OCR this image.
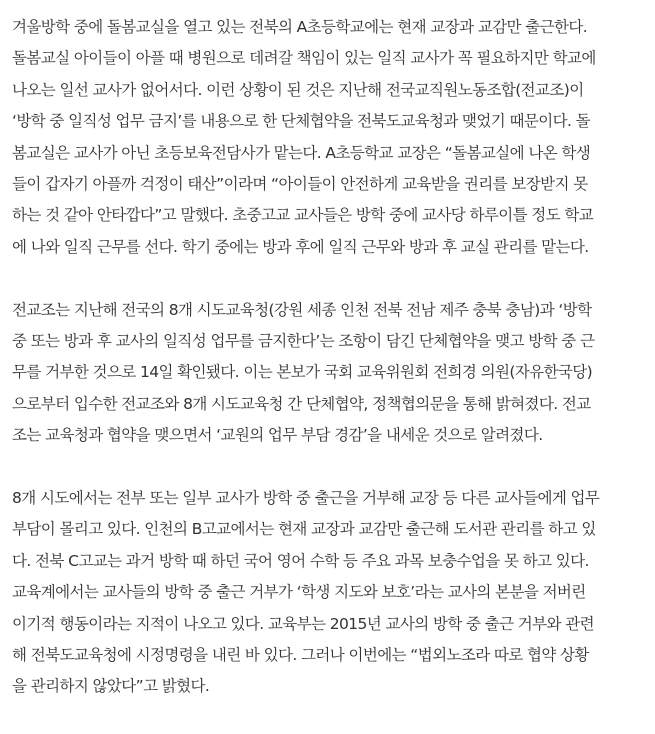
겨울방학 중에 돌봄교실을 열고 있는 전북의 A초등학교에는 현재 교장과 교감만 출근한다.
돌봄교실 아이들이 아플 때 병원으로 데려갈 책임이 있는 일직 교사가 꼭 필요하지만 학교에
나오는 일선 교사가 없어서다. 이런 상황이 된 것은 지난해 전국교직원노동조합(전교조)이
‘방학 중 일직성 업무 금지’를 내용으로 한 단체협약을 전북도교육청과 맺었기 때문이다. 돌
봄교실은 교사가 아닌 초등보육전담사가 맡는다. A초등학교 교장은 “돌봄교실에 나온 학생
들이 갑자기 아플까 걱정이 태산”이라며 “아이들이 안전하게 교육받을 권리를 보장받지 못
하는 것 같아 안타깝다”고 말했다. 초중고교 교사들은 방학 중에 교사당 하루이틀 정도 학교
에 나와 일직 근무를 선다. 학기 중에는 방과 후에 일직 근무와 방과 후 교실 관리를 맡는다.
전교조는 지난해 전국의 8개 시도교육청(강원 세종 인천 전북 전남 제주 충북 충남)과 ‘방학
중 또는 방과 후 교사의 일직성 업무를 금지한다’는 조항이 담긴 단체협약을 맺고 방학 중 근
무를 거부한 것으로 14일 확인됐다. 이는 본보가 국회 교육위원회 전희경 의원(자유한국당)
으로부터 입수한 전교조와 8개 시도교육청 간 단체협약, 정책협의문을 통해 밝혀졌다. 전교
조는 교육청과 협약을 맺으면서 ‘교원의 업무 부담 경감’을 내세운 것으로 알려졌다.
8개 시도에서는 전부 또는 일부 교사가 방학 중 출근을 거부해 교장 등 다른 교사들에게 업무
부담이 몰리고 있다. 인천의 B고교에서는 현재 교장과 교감만 출근해 도서관 관리를 하고 있
다. 전북 C고교는 과거 방학 때 하던 국어 영어 수학 등 주요 과목 보충수업을 못 하고 있다.
교육계에서는 교사들의 방학 중 출근 거부가 ‘학생 지도와 보호’라는 교사의 본분을 저버린
이기적 행동이라는 지적이 나오고 있다. 교육부는 2015년 교사의 방학 중 출근 거부와 관련
해 전북도교육청에 시정명령을 내린 바 있다. 그러나 이번에는 “법외노조라 따로 협약 상황
을 관리하지 않았다”고 밝혔다.
